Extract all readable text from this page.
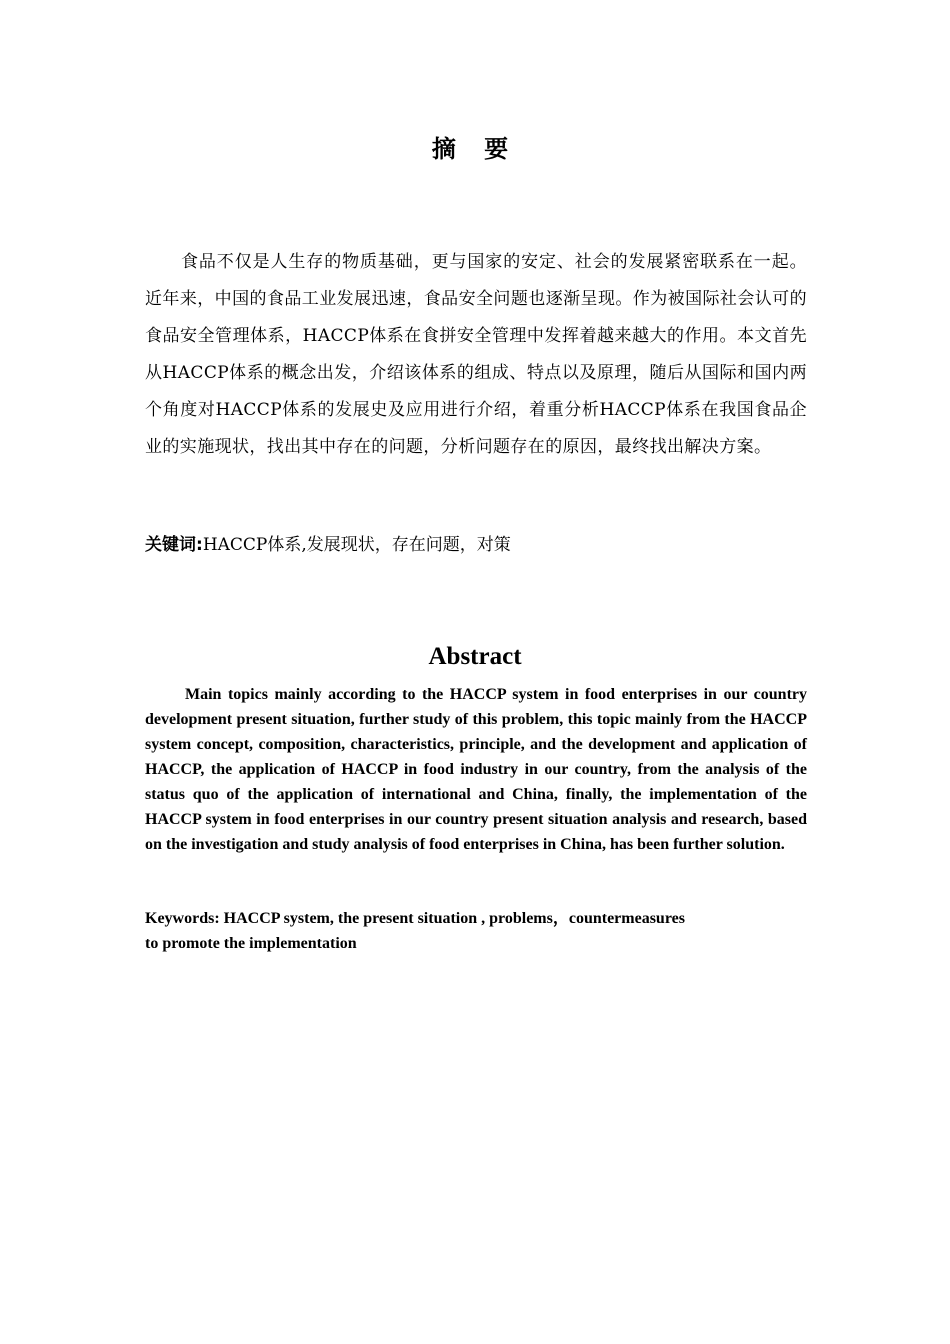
摘 要

食品不仅是人生存的物质基础，更与国家的安定、社会的发展紧密联系在一起。近年来，中国的食品工业发展迅速，食品安全问题也逐渐呈现。作为被国际社会认可的食品安全管理体系，HACCP体系在食拼安全管理中发挥着越来越大的作用。本文首先从HACCP体系的概念出发，介绍该体系的组成、特点以及原理，随后从国际和国内两个角度对HACCP体系的发展史及应用进行介绍，着重分析HACCP体系在我国食品企业的实施现状，找出其中存在的问题，分析问题存在的原因，最终找出解决方案。

关键词:HACCP体系,发展现状，存在问题，对策
Abstract

Main topics mainly according to the HACCP system in food enterprises in our country development present situation, further study of this problem, this topic mainly from the HACCP system concept, composition, characteristics, principle, and the development and application of HACCP, the application of HACCP in food industry in our country, from the analysis of the status quo of the application of international and China, finally, the implementation of the HACCP system in food enterprises in our country present situation analysis and research, based on the investigation and study analysis of food enterprises in China, has been further solution.

Keywords: HACCP system, the present situation , problems，countermeasures
to promote the implementation
